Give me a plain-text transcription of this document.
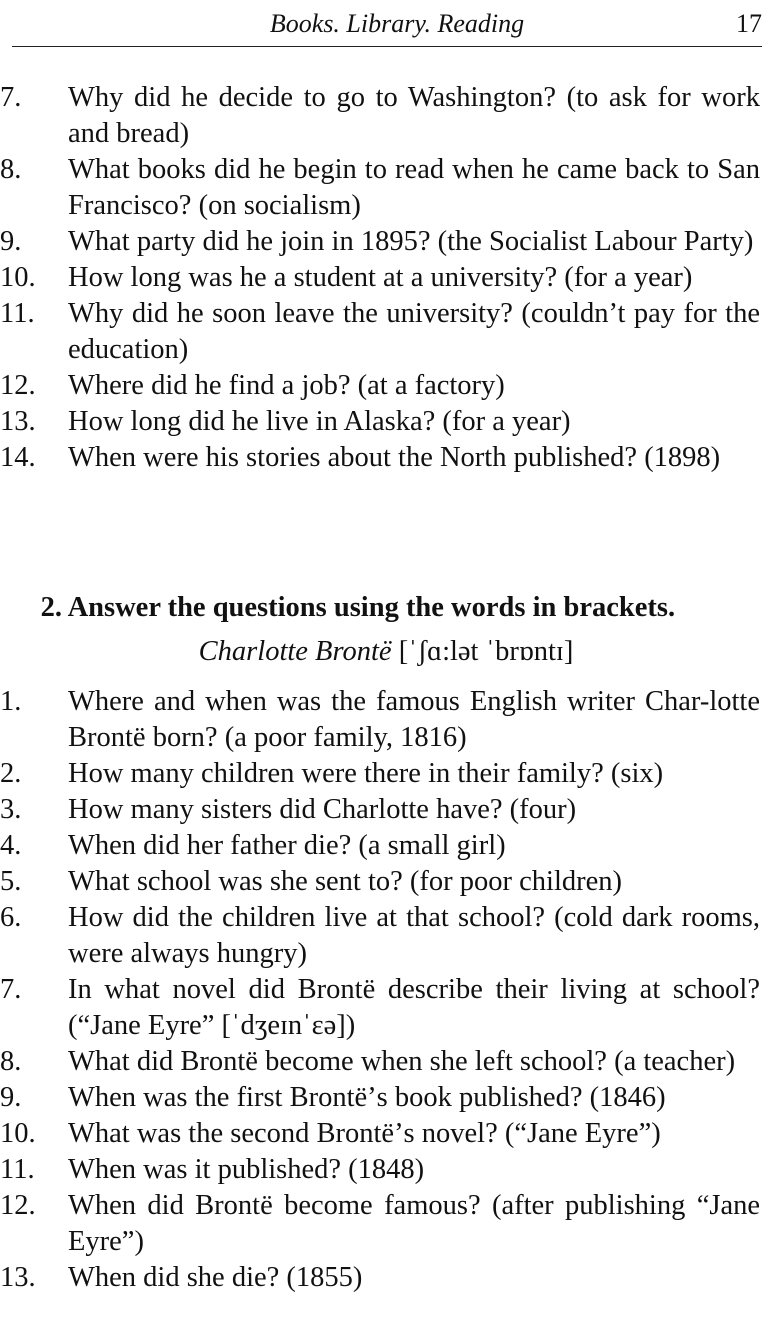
Books. Library. Reading	17
7.	Why did he decide to go to Washington? (to ask for work and bread)
8.	What books did he begin to read when he came back to San Francisco? (on socialism)
9.	What party did he join in 1895? (the Socialist Labour Party)
10.	How long was he a student at a university? (for a year)
11.	Why did he soon leave the university? (couldn’t pay for the education)
12.	Where did he find a job? (at a factory)
13.	How long did he live in Alaska? (for a year)
14.	When were his stories about the North published? (1898)
2. Answer the questions using the words in brackets.
Charlotte Brontё [ˈʃɑ:lət ˈbrɒntɪ]
1.	Where and when was the famous English writer Char-lotte Brontё born? (a poor family, 1816)
2.	How many children were there in their family? (six)
3.	How many sisters did Charlotte have? (four)
4.	When did her father die? (a small girl)
5.	What school was she sent to? (for poor children)
6.	How did the children live at that school? (cold dark rooms, were always hungry)
7.	In what novel did Brontё describe their living at school? (“Jane Eyre” [ˈdʒeɪnˈɛə])
8.	What did Brontё become when she left school? (a teacher)
9.	When was the first Brontё’s book published? (1846)
10.	What was the second Brontё’s novel? (“Jane Eyre”)
11.	When was it published? (1848)
12.	When did Brontё become famous? (after publishing “Jane Eyre”)
13.	When did she die? (1855)
